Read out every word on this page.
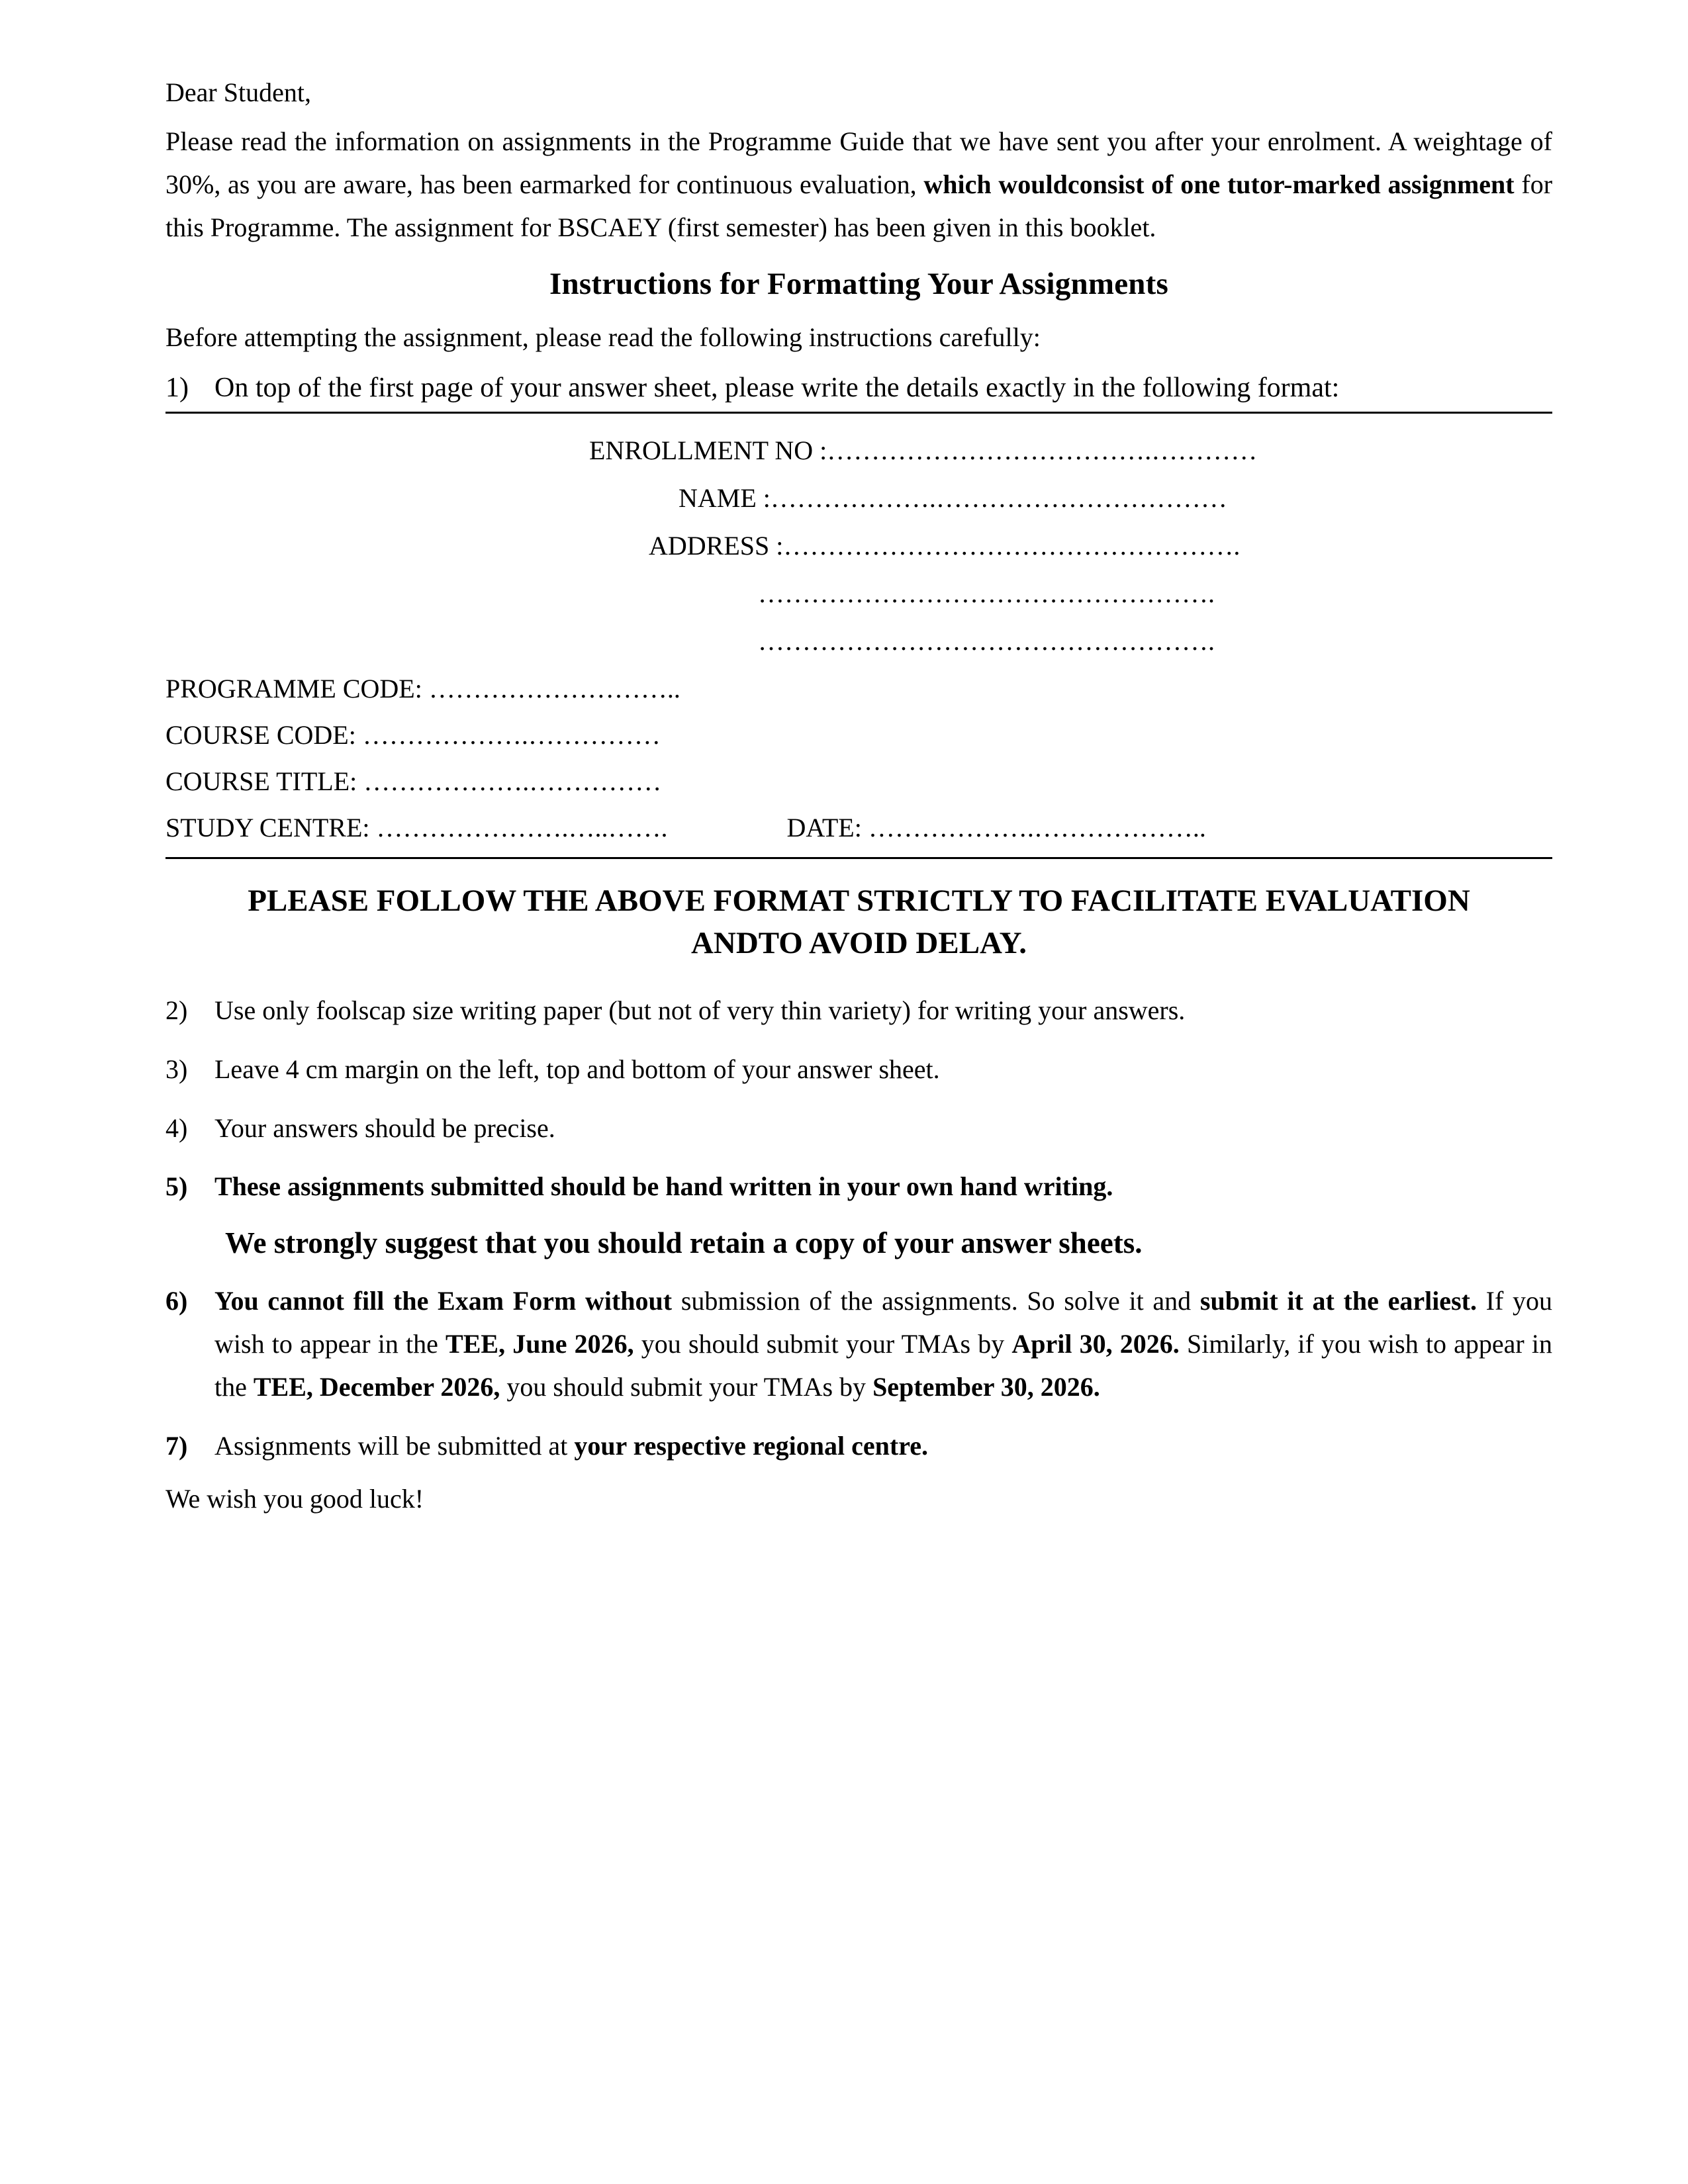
Dear Student,

Please read the information on assignments in the Programme Guide that we have sent you after your enrolment. A weightage of 30%, as you are aware, has been earmarked for continuous evaluation, which wouldconsist of one tutor-marked assignment for this Programme. The assignment for BSCAEY (first semester) has been given in this booklet.

Instructions for Formatting Your Assignments

Before attempting the assignment, please read the following instructions carefully:

1) On top of the first page of your answer sheet, please write the details exactly in the following format:
ENROLLMENT NO :……………………………….…………
NAME :……………….……………………………
ADDRESS :…………………………………………….
…………………………………………….
…………………………………………….
PROGRAMME CODE: ………………………..
COURSE CODE: ……………….……………
COURSE TITLE: ……………….……………
STUDY CENTRE: ………………….…..…….	DATE: ……………….………………..
PLEASE FOLLOW THE ABOVE FORMAT STRICTLY TO FACILITATE EVALUATION ANDTO AVOID DELAY.
2)	Use only foolscap size writing paper (but not of very thin variety) for writing your answers.
3)	Leave 4 cm margin on the left, top and bottom of your answer sheet.
4)	Your answers should be precise.
5)	These assignments submitted should be hand written in your own hand writing.

We strongly suggest that you should retain a copy of your answer sheets.

6)	You cannot fill the Exam Form without submission of the assignments. So solve it and submit it at the earliest. If you wish to appear in the TEE, June 2026, you should submit your TMAs by April 30, 2026. Similarly, if you wish to appear in the TEE, December 2026, you should submit your TMAs by September 30, 2026.
7)	Assignments will be submitted at your respective regional centre.

We wish you good luck!
